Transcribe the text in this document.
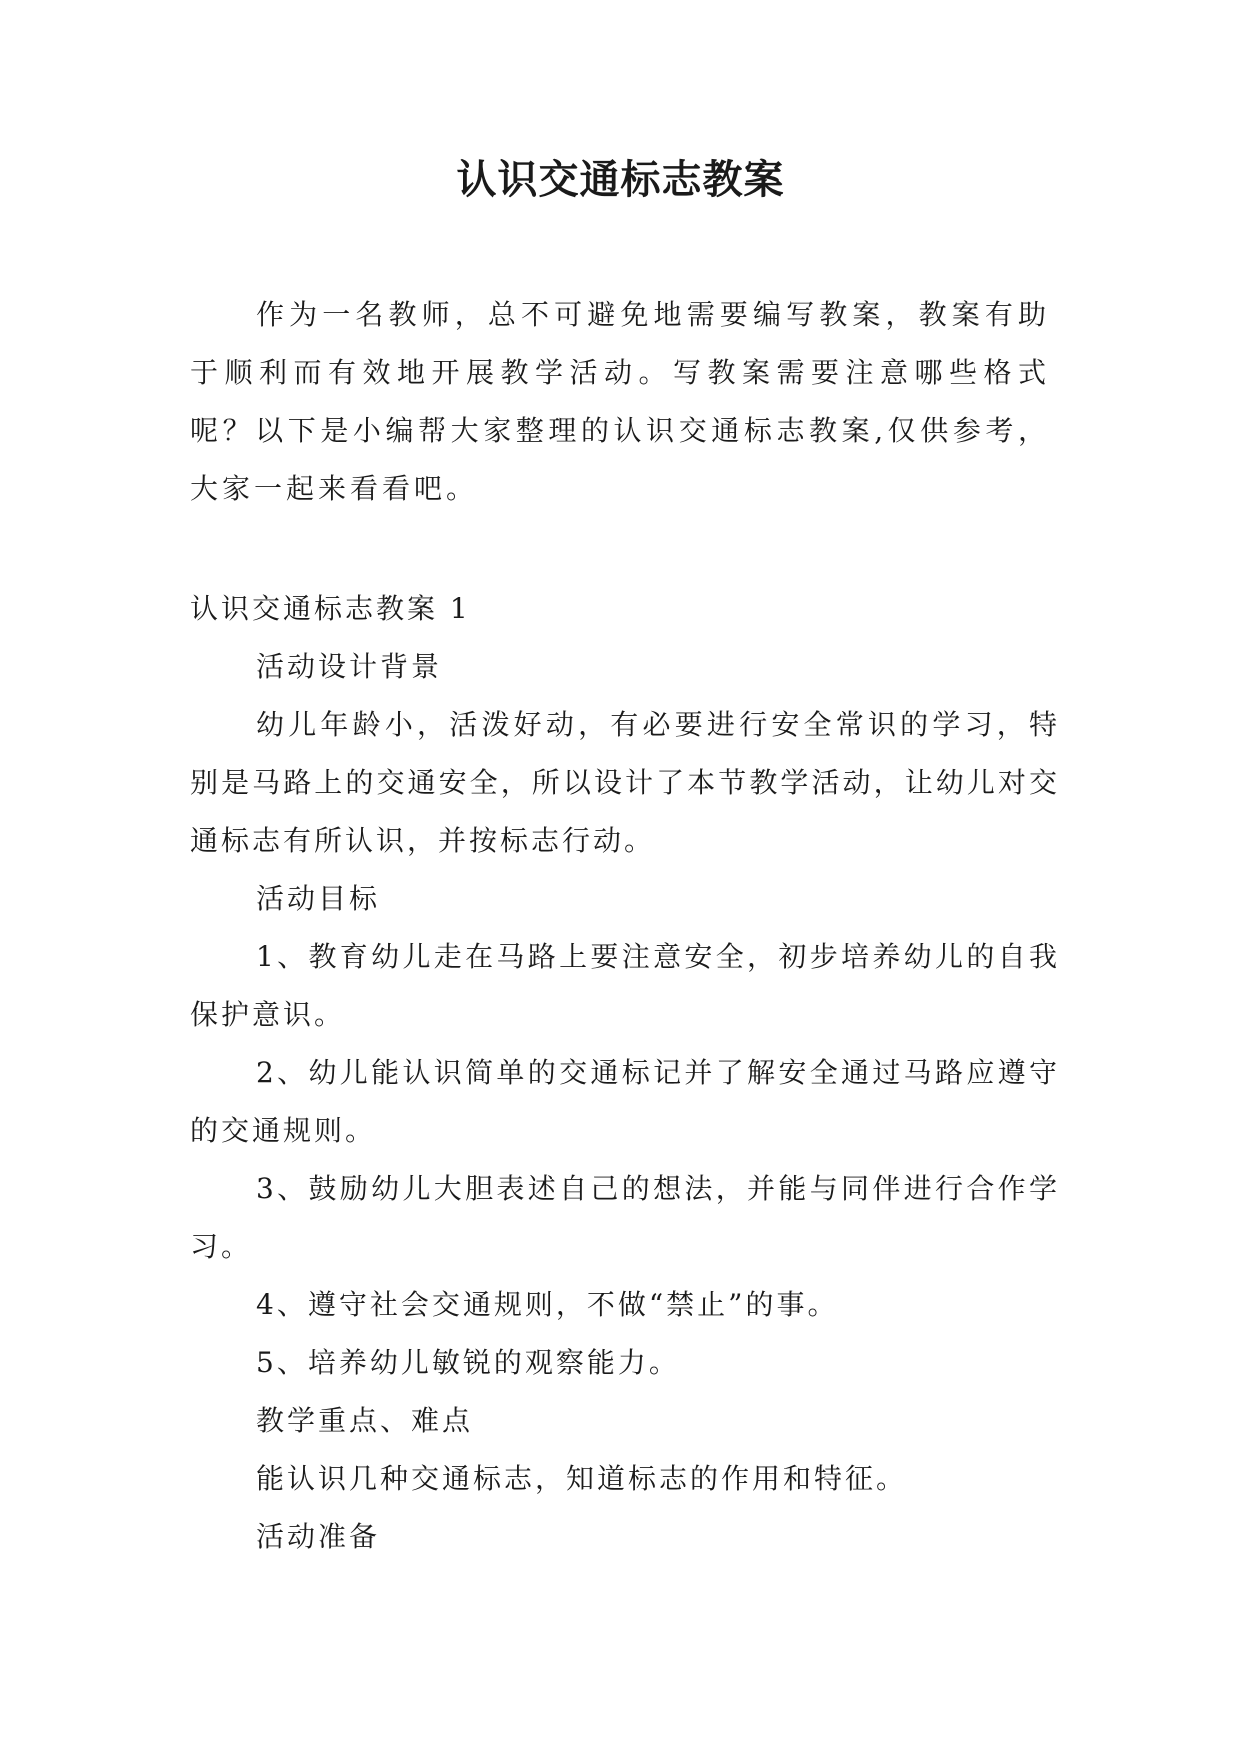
认识交通标志教案

作为一名教师，总不可避免地需要编写教案，教案有助于顺利而有效地开展教学活动。写教案需要注意哪些格式呢？以下是小编帮大家整理的认识交通标志教案,仅供参考，大家一起来看看吧。

认识交通标志教案 1

活动设计背景

幼儿年龄小，活泼好动，有必要进行安全常识的学习，特别是马路上的交通安全，所以设计了本节教学活动，让幼儿对交通标志有所认识，并按标志行动。

活动目标

1、教育幼儿走在马路上要注意安全，初步培养幼儿的自我保护意识。

2、幼儿能认识简单的交通标记并了解安全通过马路应遵守的交通规则。

3、鼓励幼儿大胆表述自己的想法，并能与同伴进行合作学习。

4、遵守社会交通规则，不做“禁止”的事。

5、培养幼儿敏锐的观察能力。

教学重点、难点

能认识几种交通标志，知道标志的作用和特征。

活动准备
